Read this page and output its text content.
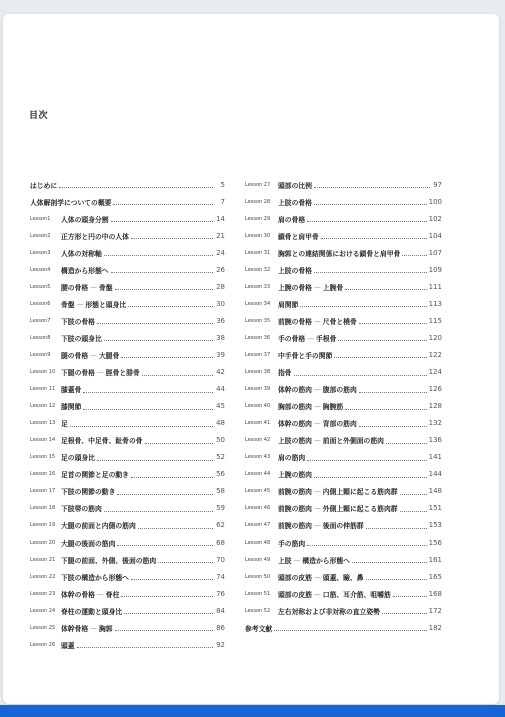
目次
はじめに	5
人体解剖学についての概要	7
Lesson1	人体の頭身分割	14
Lesson2	正方形と円の中の人体	21
Lesson3	人体の対称軸	24
Lesson4	構造から形態へ	26
Lesson5	腰の骨格 — 骨盤	28
Lesson6	骨盤 — 形態と頭身比	30
Lesson7	下肢の骨格	36
Lesson8	下肢の頭身比	38
Lesson9	腿の骨格 — 大腿骨	39
Lesson 10 下腿の骨格 — 脛骨と腓骨	42
Lesson 11 膝蓋骨	44
Lesson 12 膝関節	45
Lesson 13 足	48
Lesson 14 足根骨、中足骨、趾骨の骨	50
Lesson 15 足の頭身比	52
Lesson 16 足首の関節と足の動き	56
Lesson 17 下肢の関節の動き	58
Lesson 18 下肢帯の筋肉	59
Lesson 19 大腿の前面と内側の筋肉	62
Lesson 20 大腿の後面の筋肉	68
Lesson 21 下腿の前面、外側、後面の筋肉	70
Lesson 22 下肢の構造から形態へ	74
Lesson 23 体幹の骨格 — 脊柱	76
Lesson 24 脊柱の運動と頭身比	84
Lesson 25 体幹骨格 — 胸郭	86
Lesson 26 頭蓋	92
Lesson 27	頭部の比例	97
Lesson 28	上肢の骨格	100
Lesson 29	肩の骨格	102
Lesson 30	鎖骨と肩甲骨	104
Lesson 31	胸郭との連結関係における鎖骨と肩甲骨	107
Lesson 32	上肢の骨格	109
Lesson 33	上腕の骨格 — 上腕骨	111
Lesson 34	肩関節	113
Lesson 35	前腕の骨格 — 尺骨と橈骨	115
Lesson 36	手の骨格 — 手根骨	120
Lesson 37	中手骨と手の関節	122
Lesson 38	指骨	124
Lesson 39	体幹の筋肉 — 腹部の筋肉	126
Lesson 40	胸部の筋肉 — 胸腕筋	128
Lesson 41	体幹の筋肉 — 背部の筋肉	132
Lesson 42	上肢の筋肉 — 前面と外側面の筋肉	136
Lesson 43	肩の筋肉	141
Lesson 44	上腕の筋肉	144
Lesson 45	前腕の筋肉 — 内側上顆に起こる筋肉群	148
Lesson 46	前腕の筋肉 — 外側上顆に起こる筋肉群	151
Lesson 47	前腕の筋肉 — 後面の伸筋群	153
Lesson 48	手の筋肉	156
Lesson 49	上肢 — 構造から形態へ	161
Lesson 50	頭部の皮筋 — 頭蓋、瞼、鼻	165
Lesson 51	頭部の皮筋 — 口筋、耳介筋、咀嚼筋	168
Lesson 52	左右対称および非対称の直立姿勢	172
参考文献	182
